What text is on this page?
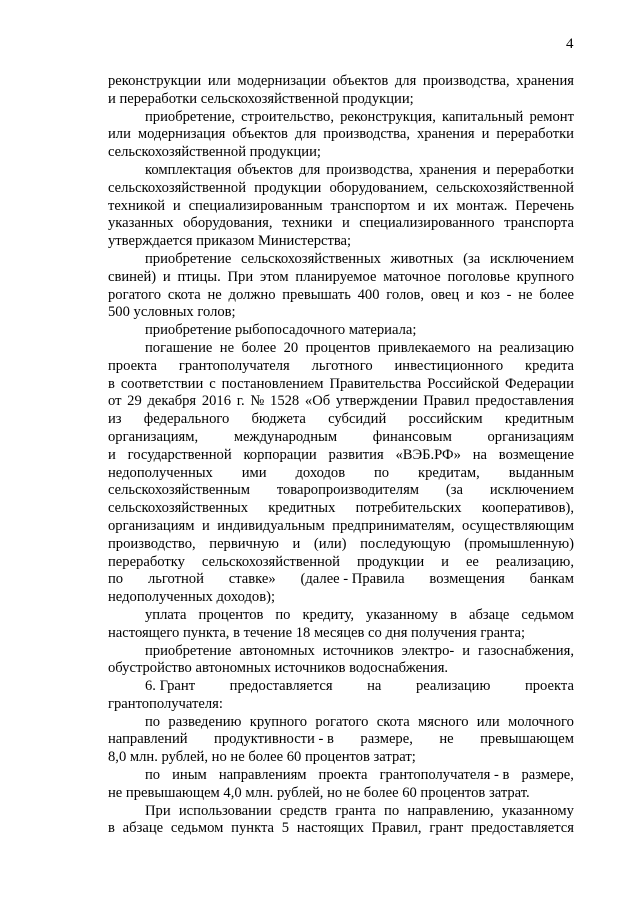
4
реконструкции или модернизации объектов для производства, хранения
и переработки сельскохозяйственной продукции;
приобретение, строительство, реконструкция, капитальный ремонт
или модернизация объектов для производства, хранения и переработки
сельскохозяйственной продукции;
комплектация объектов для производства, хранения и переработки
сельскохозяйственной продукции оборудованием, сельскохозяйственной
техникой и специализированным транспортом и их монтаж. Перечень
указанных оборудования, техники и специализированного транспорта
утверждается приказом Министерства;
приобретение сельскохозяйственных животных (за исключением
свиней) и птицы. При этом планируемое маточное поголовье крупного
рогатого скота не должно превышать 400 голов, овец и коз - не более
500 условных голов;
приобретение рыбопосадочного материала;
погашение не более 20 процентов привлекаемого на реализацию
проекта грантополучателя льготного инвестиционного кредита
в соответствии с постановлением Правительства Российской Федерации
от 29 декабря 2016 г. № 1528 «Об утверждении Правил предоставления
из федерального бюджета субсидий российским кредитным
организациям, международным финансовым организациям
и государственной корпорации развития «ВЭБ.РФ» на возмещение
недополученных ими доходов по кредитам, выданным
сельскохозяйственным товаропроизводителям (за исключением
сельскохозяйственных кредитных потребительских кооперативов),
организациям и индивидуальным предпринимателям, осуществляющим
производство, первичную и (или) последующую (промышленную)
переработку сельскохозяйственной продукции и ее реализацию,
по льготной ставке» (далее - Правила возмещения банкам
недополученных доходов);
уплата процентов по кредиту, указанному в абзаце седьмом
настоящего пункта, в течение 18 месяцев со дня получения гранта;
приобретение автономных источников электро- и газоснабжения,
обустройство автономных источников водоснабжения.
6. Грант предоставляется на реализацию проекта
грантополучателя:
по разведению крупного рогатого скота мясного или молочного
направлений продуктивности - в размере, не превышающем
8,0 млн. рублей, но не более 60 процентов затрат;
по иным направлениям проекта грантополучателя - в размере,
не превышающем 4,0 млн. рублей, но не более 60 процентов затрат.
При использовании средств гранта по направлению, указанному
в абзаце седьмом пункта 5 настоящих Правил, грант предоставляется
